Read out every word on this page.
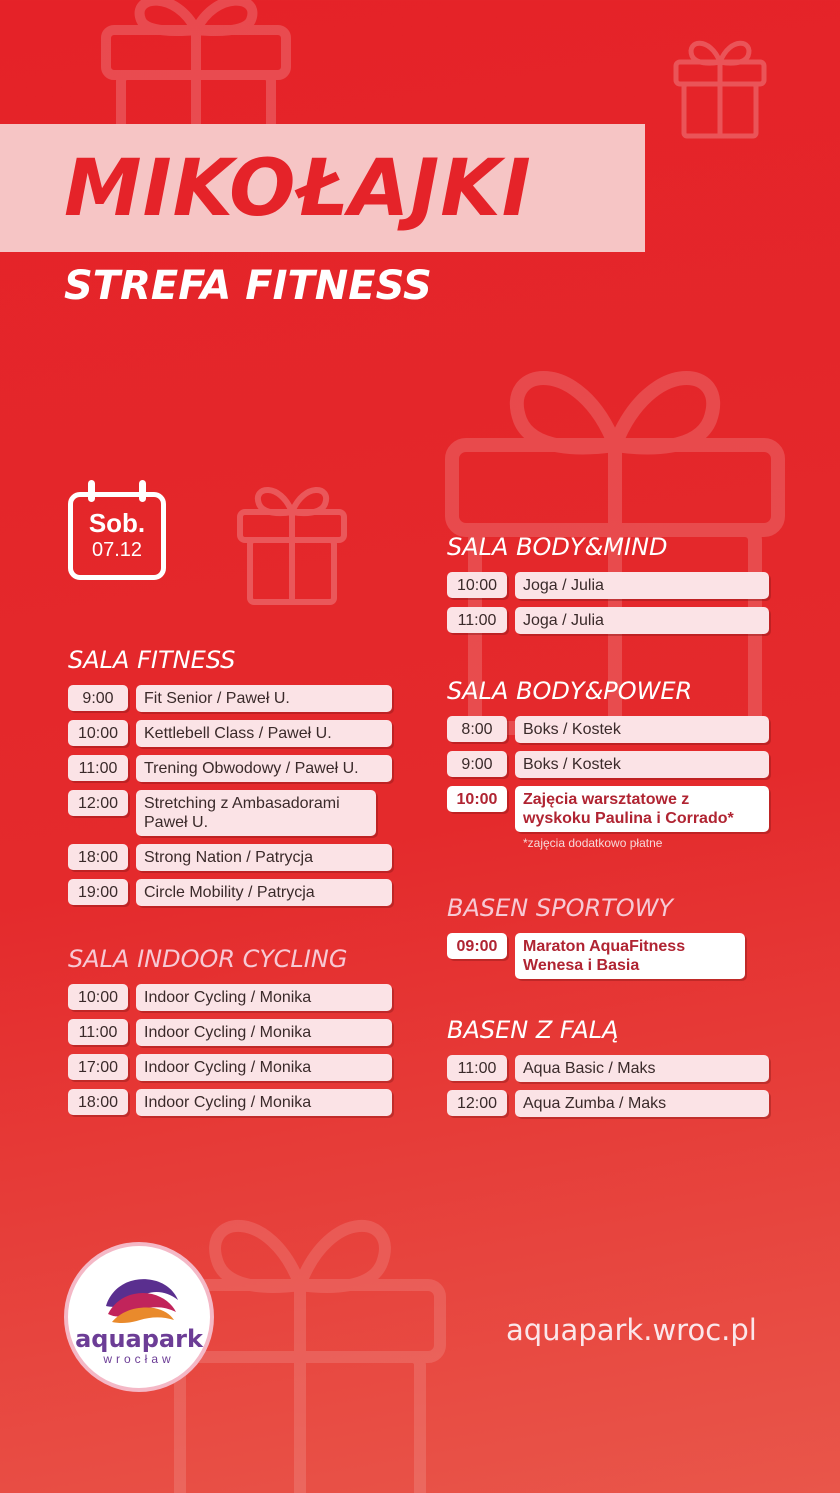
MIKOŁAJKI
STREFA FITNESS
Sob.
07.12
SALA FITNESS
9:00	Fit Senior / Paweł U.
10:00	Kettlebell Class / Paweł U.
11:00	Trening Obwodowy / Paweł U.
12:00	Stretching z Ambasadorami Paweł U.
18:00	Strong Nation / Patrycja
19:00	Circle Mobility / Patrycja
SALA INDOOR CYCLING
10:00	Indoor Cycling / Monika
11:00	Indoor Cycling / Monika
17:00	Indoor Cycling / Monika
18:00	Indoor Cycling / Monika
SALA BODY&MIND
10:00	Joga / Julia
11:00	Joga / Julia
SALA BODY&POWER
8:00	Boks / Kostek
9:00	Boks / Kostek
10:00	Zajęcia warsztatowe z wyskoku Paulina i Corrado*
*zajęcia dodatkowo płatne
BASEN SPORTOWY
09:00	Maraton AquaFitness Wenesa i Basia
BASEN Z FALĄ
11:00	Aqua Basic / Maks
12:00	Aqua Zumba / Maks
aquapark
wrocław
aquapark.wroc.pl
